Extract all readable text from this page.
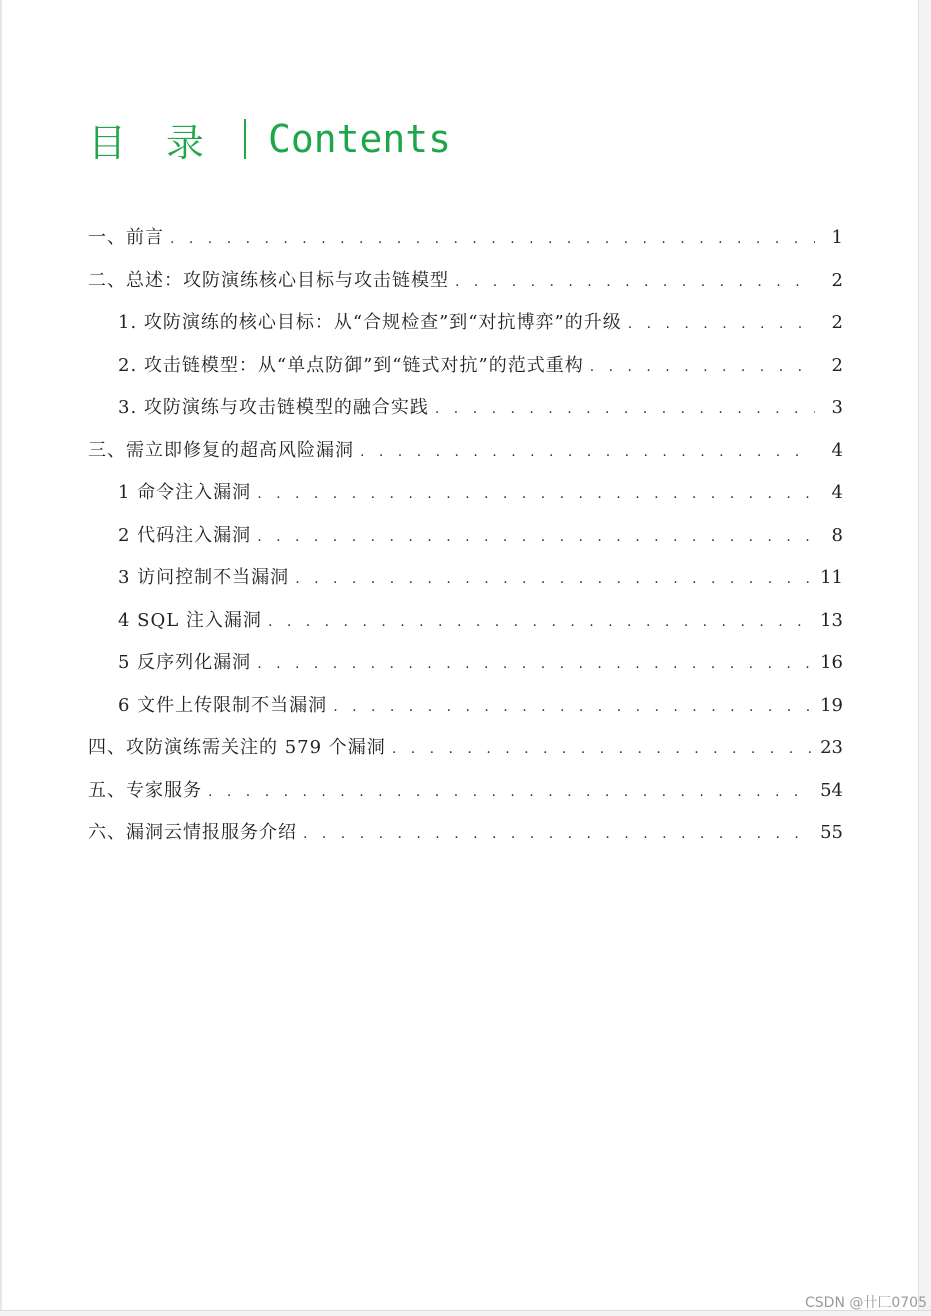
目录 Contents
一、前言 . . .	1
二、总述：攻防演练核心目标与攻击链模型 . . .	2
1. 攻防演练的核心目标：从“合规检查”到“对抗博弈”的升级 . . .	2
2. 攻击链模型：从“单点防御”到“链式对抗”的范式重构 . . .	2
3. 攻防演练与攻击链模型的融合实践 . . .	3
三、需立即修复的超高风险漏洞 . . .	4
1 命令注入漏洞 . . .	4
2 代码注入漏洞 . . .	8
3 访问控制不当漏洞 . . .	11
4 SQL 注入漏洞 . . .	13
5 反序列化漏洞 . . .	16
6 文件上传限制不当漏洞 . . .	19
四、攻防演练需关注的 579 个漏洞 . . .	23
五、专家服务 . . .	54
六、漏洞云情报服务介绍 . . .	55
CSDN @卄匚0705
